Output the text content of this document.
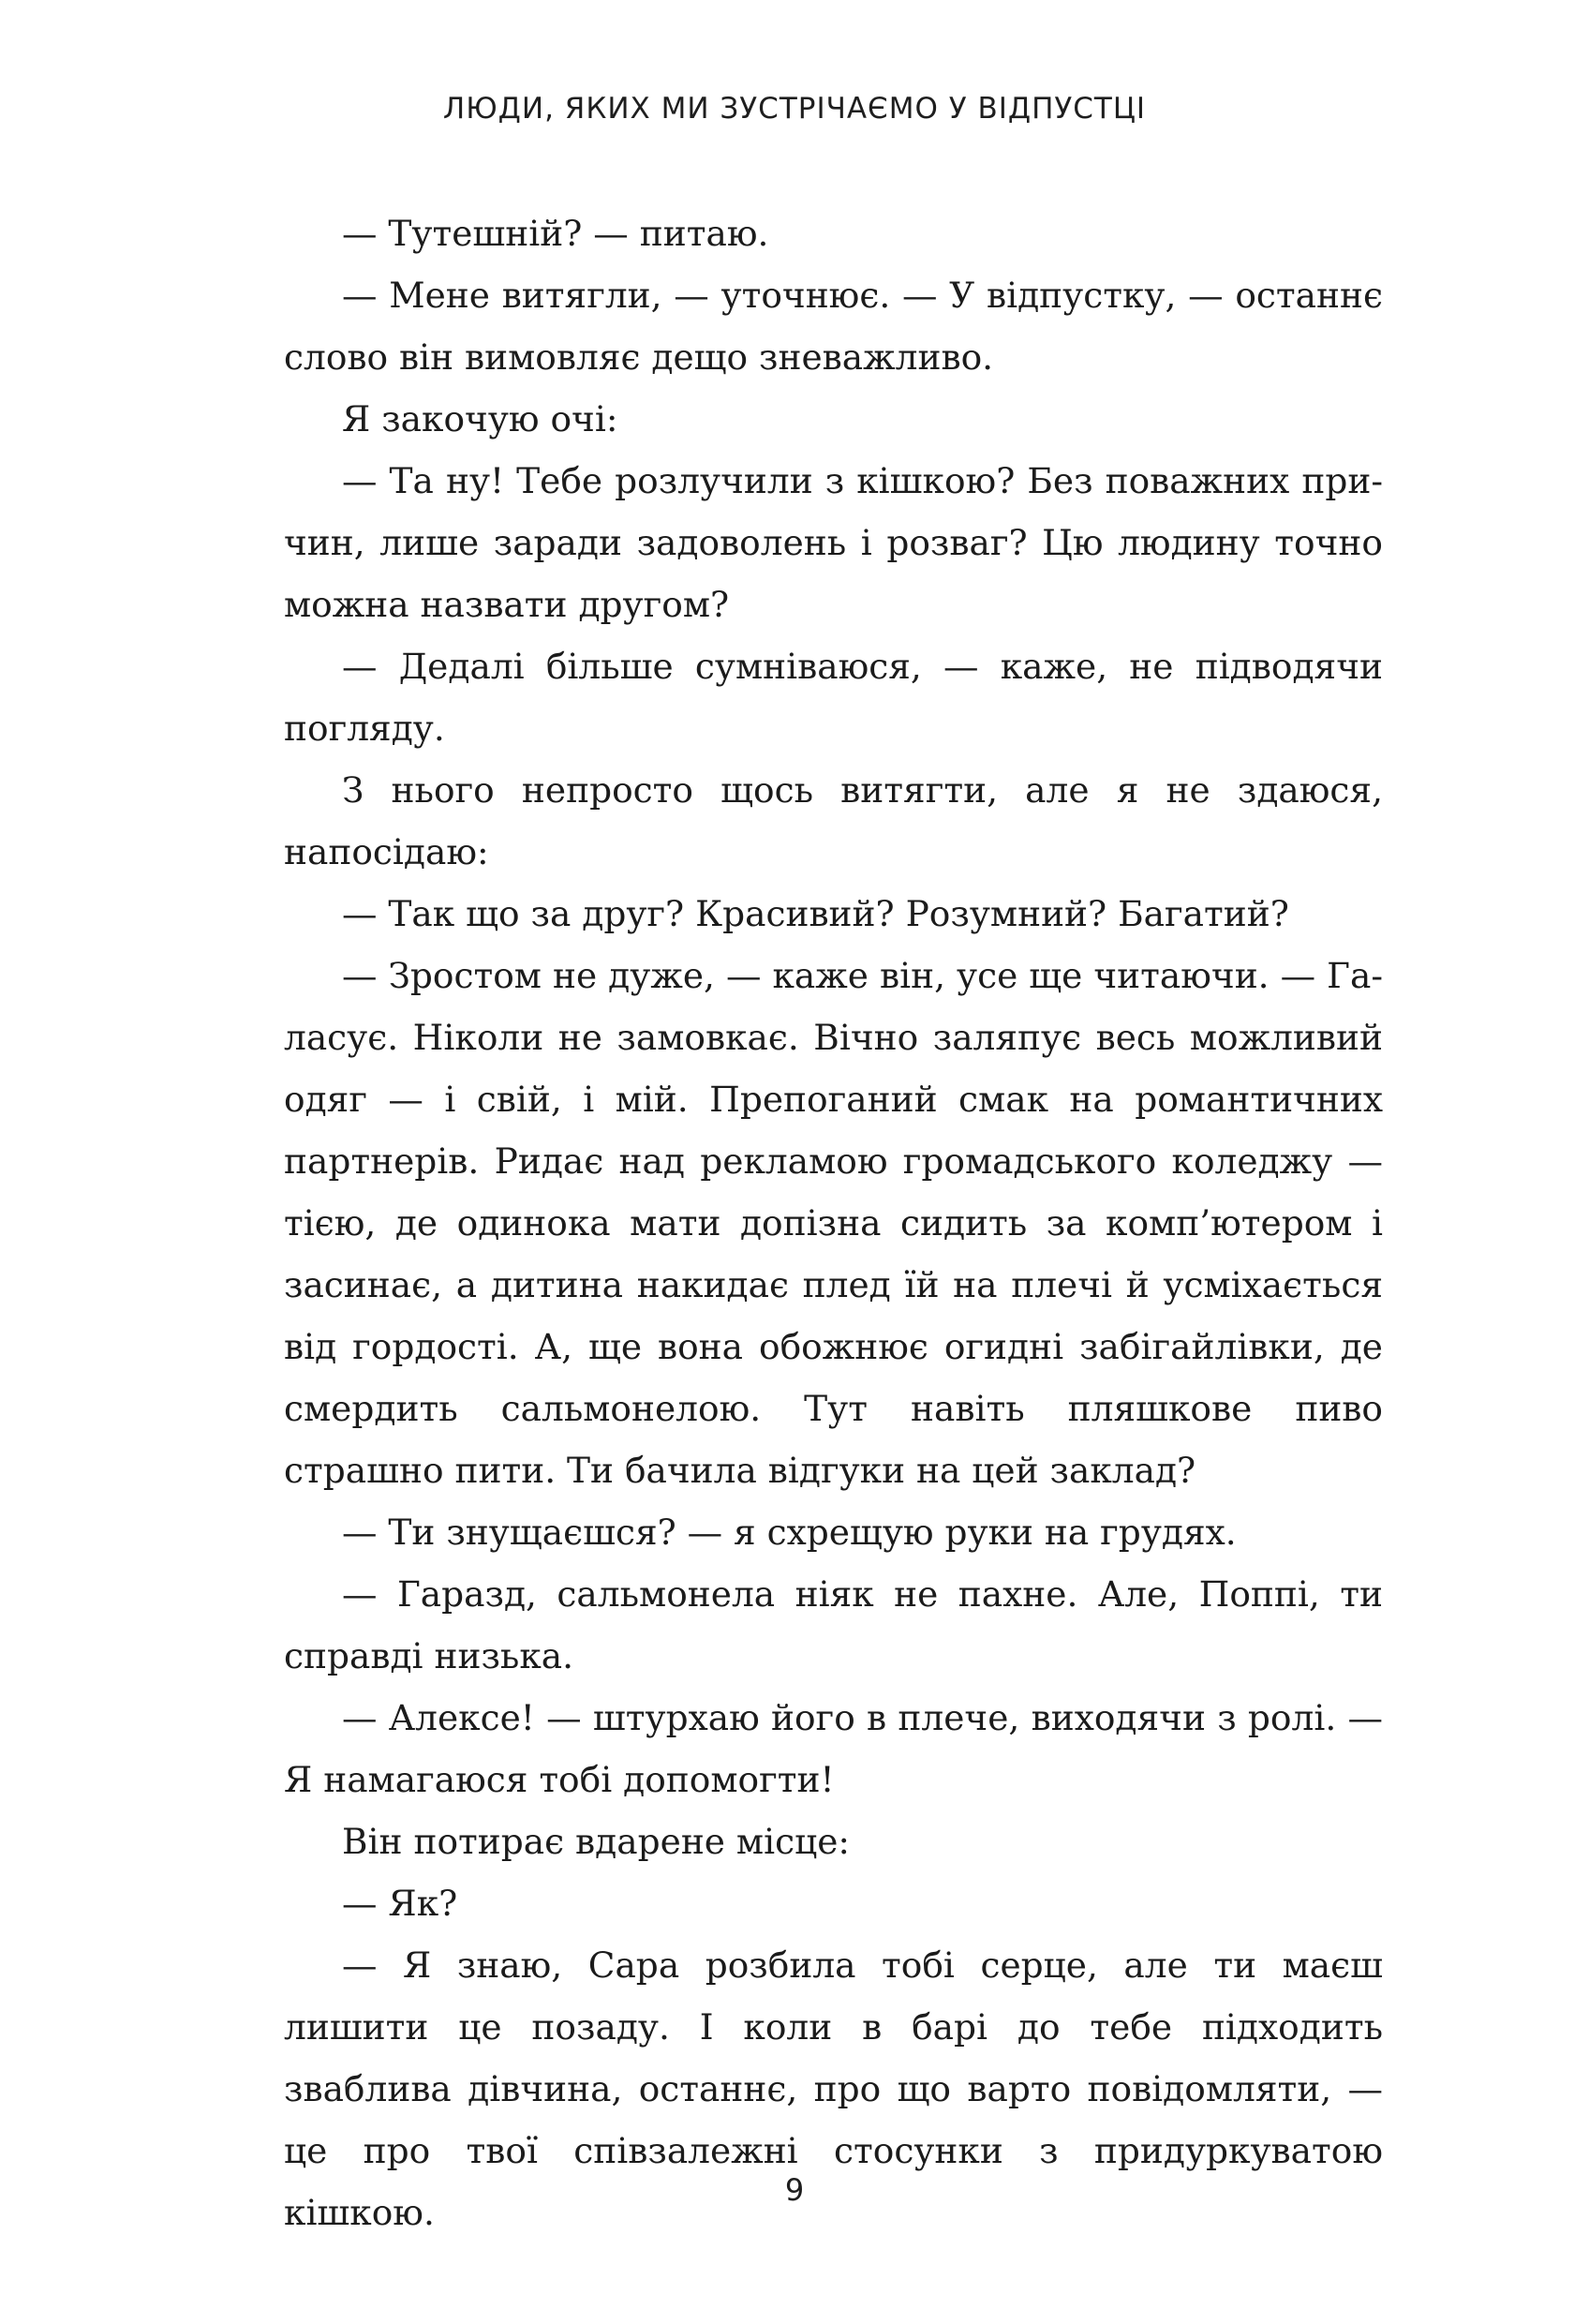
ЛЮДИ, ЯКИХ МИ ЗУСТРІЧАЄМО У ВІДПУСТЦІ

— Тутешній? — питаю.

— Мене витягли, — уточнює. — У відпустку, — останнє слово він вимовляє дещо зневажливо.

Я закочую очі:

— Та ну! Тебе розлучили з кішкою? Без поважних причин, лише заради задоволень і розваг? Цю людину точно можна назвати другом?

— Дедалі більше сумніваюся, — каже, не підводячи погляду.

З нього непросто щось витягти, але я не здаюся, напосідаю:

— Так що за друг? Красивий? Розумний? Багатий?

— Зростом не дуже, — каже він, усе ще читаючи. — Галасує. Ніколи не замовкає. Вічно заляпує весь можливий одяг — і свій, і мій. Препоганий смак на романтичних партнерів. Ридає над рекламою громадського коледжу — тією, де одинока мати допізна сидить за комп’ютером і засинає, а дитина накидає плед їй на плечі й усміхається від гордості. А, ще вона обожнює огидні забігайлівки, де смердить сальмонелою. Тут навіть пляшкове пиво страшно пити. Ти бачила відгуки на цей заклад?

— Ти знущаєшся? — я схрещую руки на грудях.

— Гаразд, сальмонела ніяк не пахне. Але, Поппі, ти справді низька.

— Алексе! — штурхаю його в плече, виходячи з ролі. — Я намагаюся тобі допомогти!

Він потирає вдарене місце:

— Як?

— Я знаю, Сара розбила тобі серце, але ти маєш лишити це позаду. І коли в барі до тебе підходить зваблива дівчина, останнє, про що варто повідомляти, — це про твої співзалежні стосунки з придуркуватою кішкою.

9
